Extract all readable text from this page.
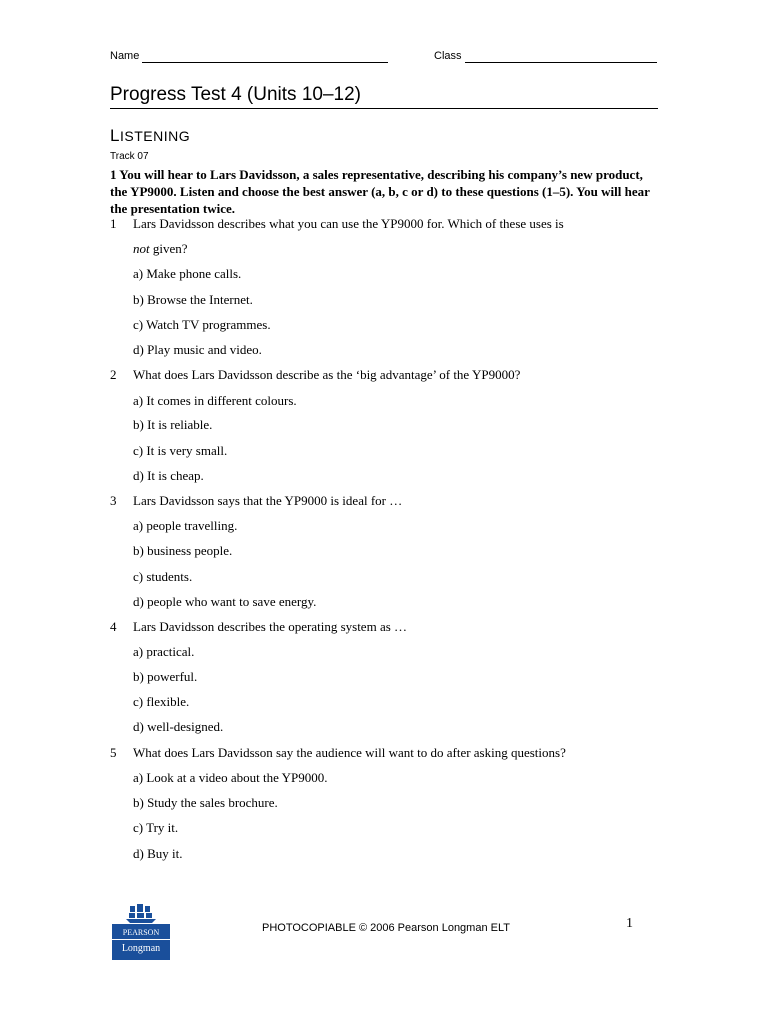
Name	Class
Progress Test 4 (Units 10–12)
LISTENING
Track 07
1 You will hear to Lars Davidsson, a sales representative, describing his company’s new product, the YP9000. Listen and choose the best answer (a, b, c or d) to these questions (1–5). You will hear the presentation twice.
1 Lars Davidsson describes what you can use the YP9000 for. Which of these uses is
not given?
a) Make phone calls.
b) Browse the Internet.
c) Watch TV programmes.
d) Play music and video.
2 What does Lars Davidsson describe as the ‘big advantage’ of the YP9000?
a) It comes in different colours.
b) It is reliable.
c) It is very small.
d) It is cheap.
3 Lars Davidsson says that the YP9000 is ideal for …
a) people travelling.
b) business people.
c) students.
d) people who want to save energy.
4 Lars Davidsson describes the operating system as …
a) practical.
b) powerful.
c) flexible.
d) well-designed.
5 What does Lars Davidsson say the audience will want to do after asking questions?
a) Look at a video about the YP9000.
b) Study the sales brochure.
c) Try it.
d) Buy it.
PEARSON
Longman
PHOTOCOPIABLE © 2006 Pearson Longman ELT	1
